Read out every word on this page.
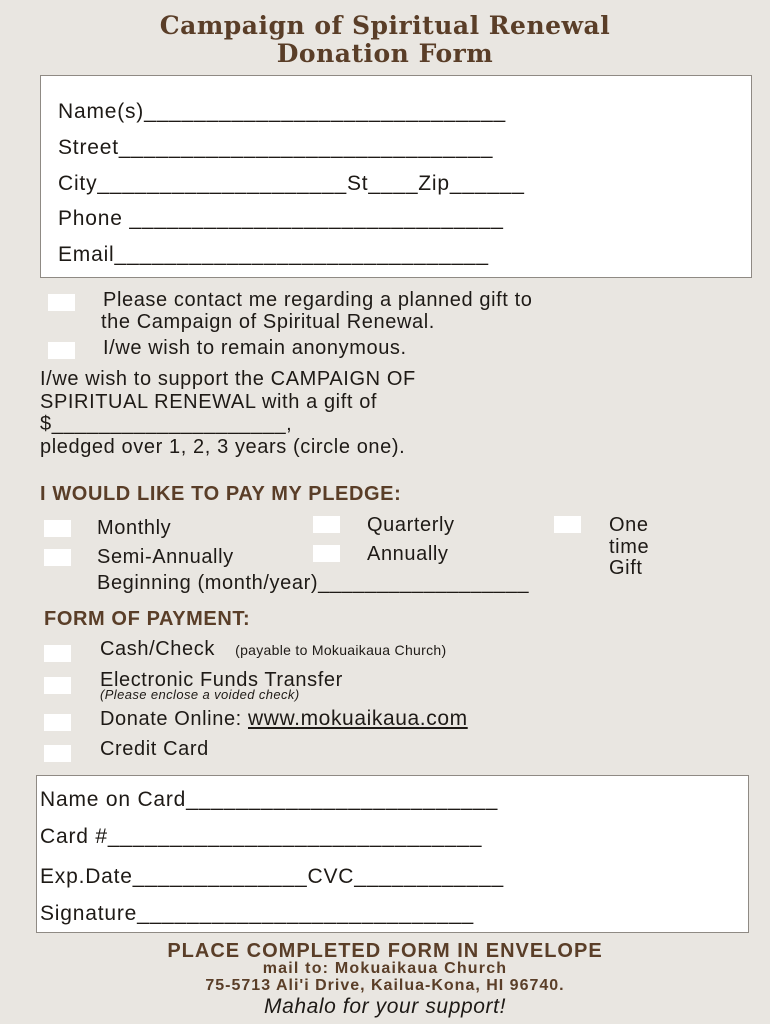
Campaign of Spiritual Renewal
Donation Form
Name(s)_____________________________
Street______________________________
City____________________St____Zip______
Phone ______________________________
Email______________________________
Please contact me regarding a planned gift to
the Campaign of Spiritual Renewal.
I/we wish to remain anonymous.
I/we wish to support the CAMPAIGN OF
SPIRITUAL RENEWAL with a gift of
$____________________,
pledged over 1, 2, 3 years (circle one).
I WOULD LIKE TO PAY MY PLEDGE:
Monthly	Quarterly	One
time
Gift
Semi-Annually	Annually
Beginning (month/year)__________________
FORM OF PAYMENT:
Cash/Check (payable to Mokuaikaua Church)
Electronic Funds Transfer
(Please enclose a voided check)
Donate Online: www.mokuaikaua.com
Credit Card
Name on Card_________________________
Card #______________________________
Exp.Date______________CVC____________
Signature___________________________
PLACE COMPLETED FORM IN ENVELOPE
mail to: Mokuaikaua Church
75-5713 Ali'i Drive, Kailua-Kona, HI 96740.
Mahalo for your support!
